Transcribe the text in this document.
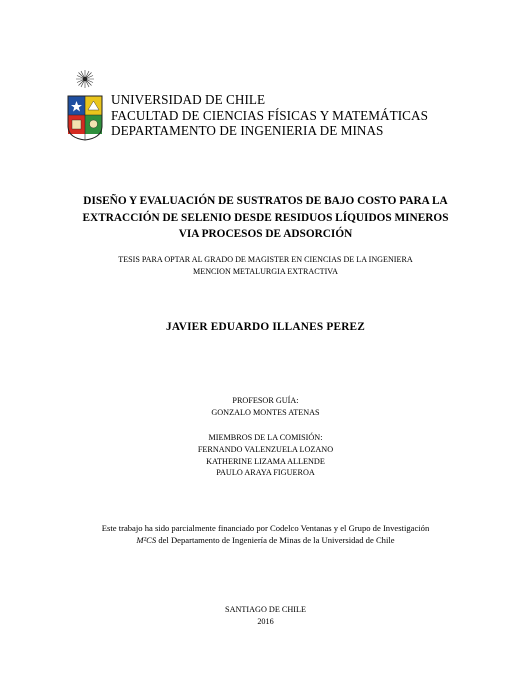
UNIVERSIDAD DE CHILE
FACULTAD DE CIENCIAS FÍSICAS Y MATEMÁTICAS
DEPARTAMENTO DE INGENIERIA DE MINAS
DISEÑO Y EVALUACIÓN DE SUSTRATOS DE BAJO COSTO PARA LA
EXTRACCIÓN DE SELENIO DESDE RESIDUOS LÍQUIDOS MINEROS
VIA PROCESOS DE ADSORCIÓN
TESIS PARA OPTAR AL GRADO DE MAGISTER EN CIENCIAS DE LA INGENIERA
MENCION METALURGIA EXTRACTIVA
JAVIER EDUARDO ILLANES PEREZ
PROFESOR GUÍA:
GONZALO MONTES ATENAS
MIEMBROS DE LA COMISIÓN:
FERNANDO VALENZUELA LOZANO
KATHERINE LIZAMA ALLENDE
PAULO ARAYA FIGUEROA
Este trabajo ha sido parcialmente financiado por Codelco Ventanas y el Grupo de Investigación
M²CS del Departamento de Ingeniería de Minas de la Universidad de Chile
SANTIAGO DE CHILE
2016
